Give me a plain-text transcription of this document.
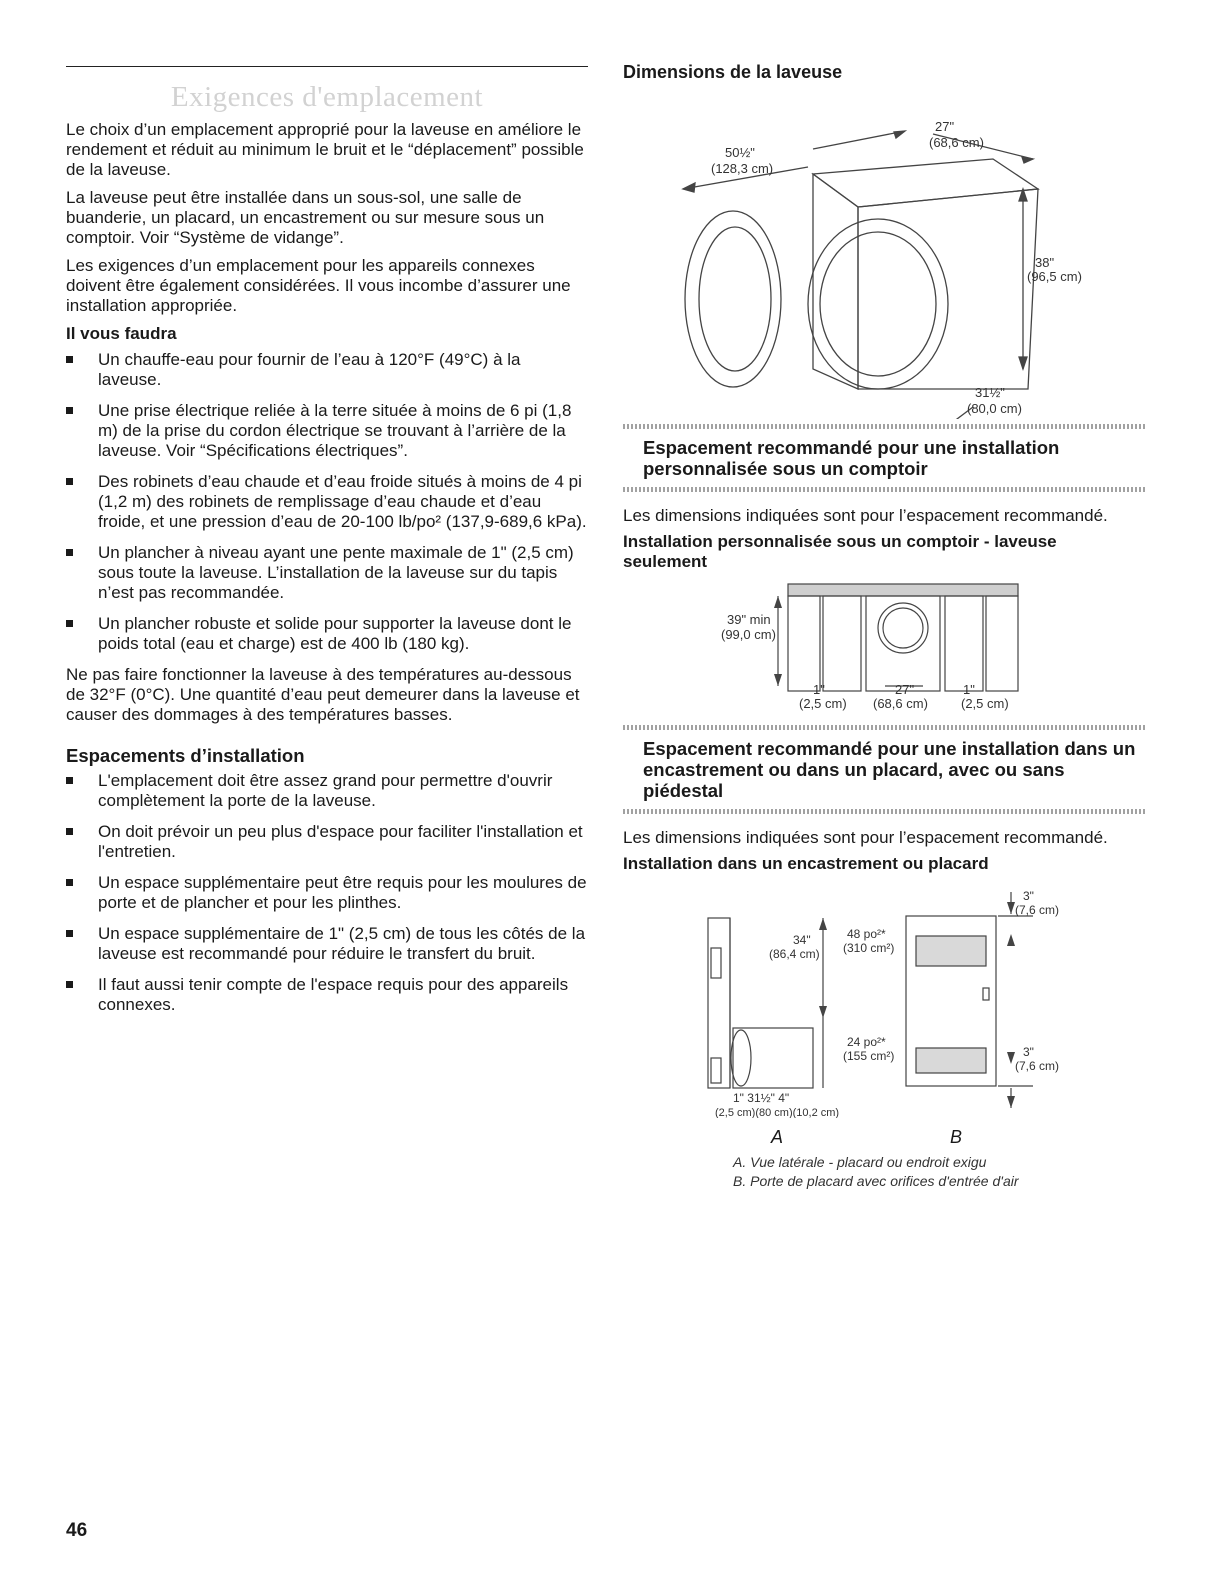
Exigences d'emplacement

Le choix d’un emplacement approprié pour la laveuse en améliore le rendement et réduit au minimum le bruit et le “déplacement” possible de la laveuse.

La laveuse peut être installée dans un sous-sol, une salle de buanderie, un placard, un encastrement ou sur mesure sous un comptoir. Voir “Système de vidange”.

Les exigences d’un emplacement pour les appareils connexes doivent être également considérées. Il vous incombe d’assurer une installation appropriée.

Il vous faudra
Un chauffe-eau pour fournir de l’eau à 120°F (49°C) à la laveuse.
Une prise électrique reliée à la terre située à moins de 6 pi (1,8 m) de la prise du cordon électrique se trouvant à l’arrière de la laveuse. Voir “Spécifications électriques”.
Des robinets d’eau chaude et d’eau froide situés à moins de 4 pi (1,2 m) des robinets de remplissage d’eau chaude et d’eau froide, et une pression d’eau de 20-100 lb/po² (137,9-689,6 kPa).
Un plancher à niveau ayant une pente maximale de 1" (2,5 cm) sous toute la laveuse. L’installation de la laveuse sur du tapis n’est pas recommandée.
Un plancher robuste et solide pour supporter la laveuse dont le poids total (eau et charge) est de 400 lb (180 kg).

Ne pas faire fonctionner la laveuse à des températures au-dessous de 32°F (0°C). Une quantité d’eau peut demeurer dans la laveuse et causer des dommages à des températures basses.

Espacements d’installation
L'emplacement doit être assez grand pour permettre d'ouvrir complètement la porte de la laveuse.
On doit prévoir un peu plus d'espace pour faciliter l'installation et l'entretien.
Un espace supplémentaire peut être requis pour les moulures de porte et de plancher et pour les plinthes.
Un espace supplémentaire de 1" (2,5 cm) de tous les côtés de la laveuse est recommandé pour réduire le transfert du bruit.
Il faut aussi tenir compte de l'espace requis pour des appareils connexes.
Dimensions de la laveuse
50½"
(128,3 cm)
27"
(68,6 cm)
38"
(96,5 cm)
31½"
(80,0 cm)
Espacement recommandé pour une installation personnalisée sous un comptoir
Les dimensions indiquées sont pour l’espacement recommandé.
Installation personnalisée sous un comptoir - laveuse seulement
39" min
(99,0 cm)
1"
(2,5 cm)
27"
(68,6 cm)
1"
(2,5 cm)
Espacement recommandé pour une installation dans un encastrement ou dans un placard, avec ou sans piédestal
Les dimensions indiquées sont pour l’espacement recommandé.
Installation dans un encastrement ou placard
34"
(86,4 cm)
48 po²*
(310 cm²)
24 po²*
(155 cm²)
3"
(7,6 cm)
3"
(7,6 cm)
1" 31½" 4"
(2,5 cm)(80 cm)(10,2 cm)
A	B
A. Vue latérale - placard ou endroit exigu
B. Porte de placard avec orifices d'entrée d'air
46
